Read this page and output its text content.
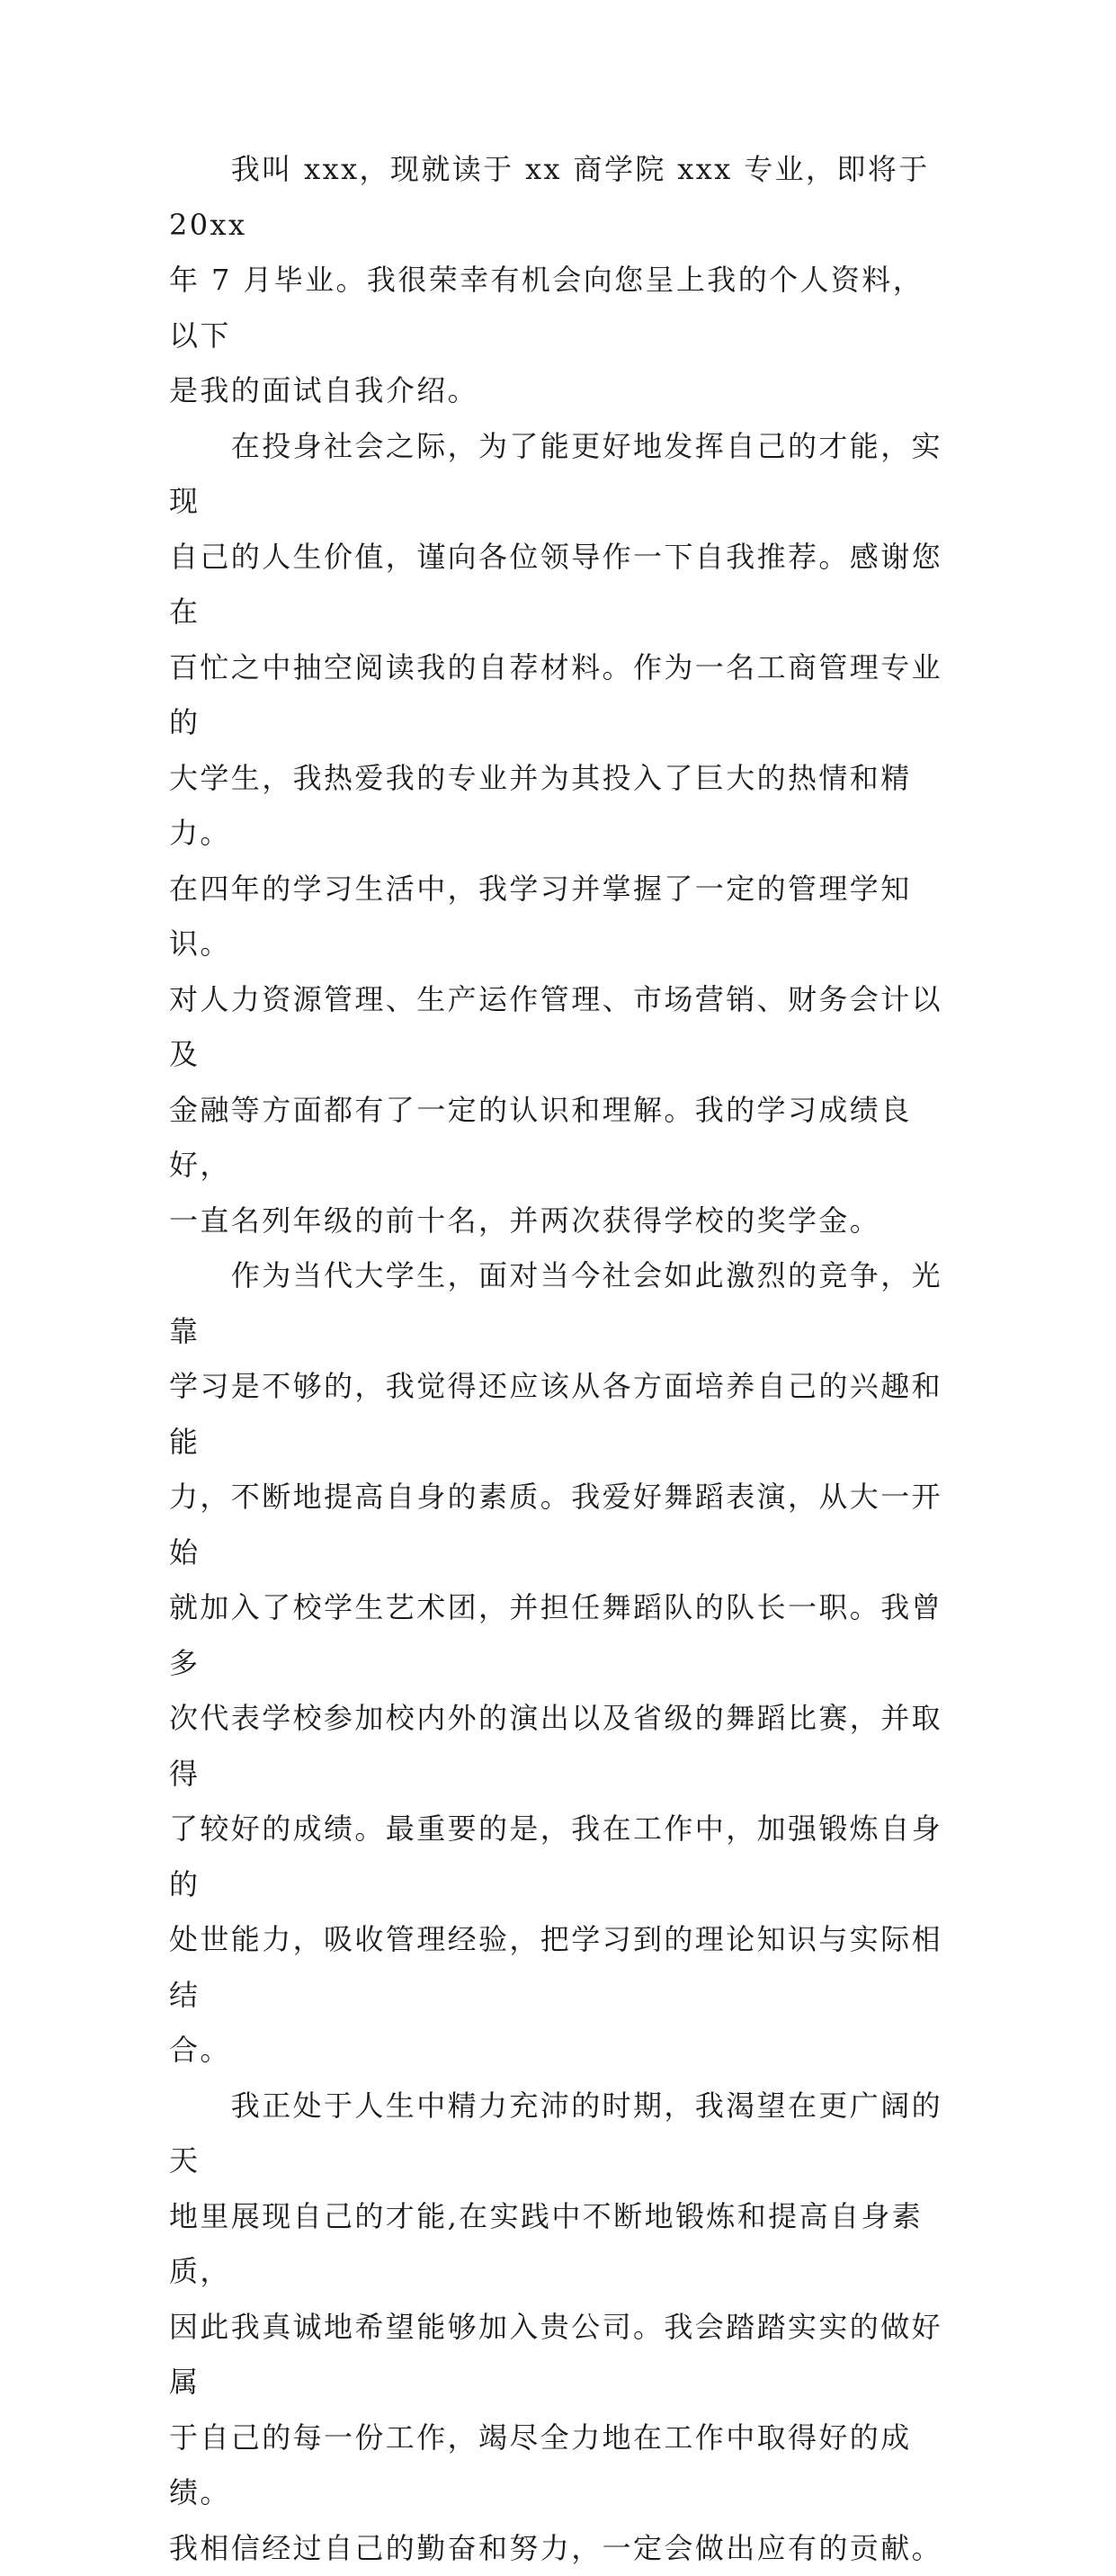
　　我叫 xxx，现就读于 xx 商学院 xxx 专业，即将于 20xx
年 7 月毕业。我很荣幸有机会向您呈上我的个人资料，以下
是我的面试自我介绍。

　　在投身社会之际，为了能更好地发挥自己的才能，实现
自己的人生价值，谨向各位领导作一下自我推荐。感谢您在
百忙之中抽空阅读我的自荐材料。作为一名工商管理专业的
大学生，我热爱我的专业并为其投入了巨大的热情和精力。
在四年的学习生活中，我学习并掌握了一定的管理学知识。
对人力资源管理、生产运作管理、市场营销、财务会计以及
金融等方面都有了一定的认识和理解。我的学习成绩良好，
一直名列年级的前十名，并两次获得学校的奖学金。

　　作为当代大学生，面对当今社会如此激烈的竞争，光靠
学习是不够的，我觉得还应该从各方面培养自己的兴趣和能
力，不断地提高自身的素质。我爱好舞蹈表演，从大一开始
就加入了校学生艺术团，并担任舞蹈队的队长一职。我曾多
次代表学校参加校内外的演出以及省级的舞蹈比赛，并取得
了较好的成绩。最重要的是，我在工作中，加强锻炼自身的
处世能力，吸收管理经验，把学习到的理论知识与实际相结
合。

　　我正处于人生中精力充沛的时期，我渴望在更广阔的天
地里展现自己的才能,在实践中不断地锻炼和提高自身素质，
因此我真诚地希望能够加入贵公司。我会踏踏实实的做好属
于自己的每一份工作，竭尽全力地在工作中取得好的成绩。
我相信经过自己的勤奋和努力，一定会做出应有的贡献。
